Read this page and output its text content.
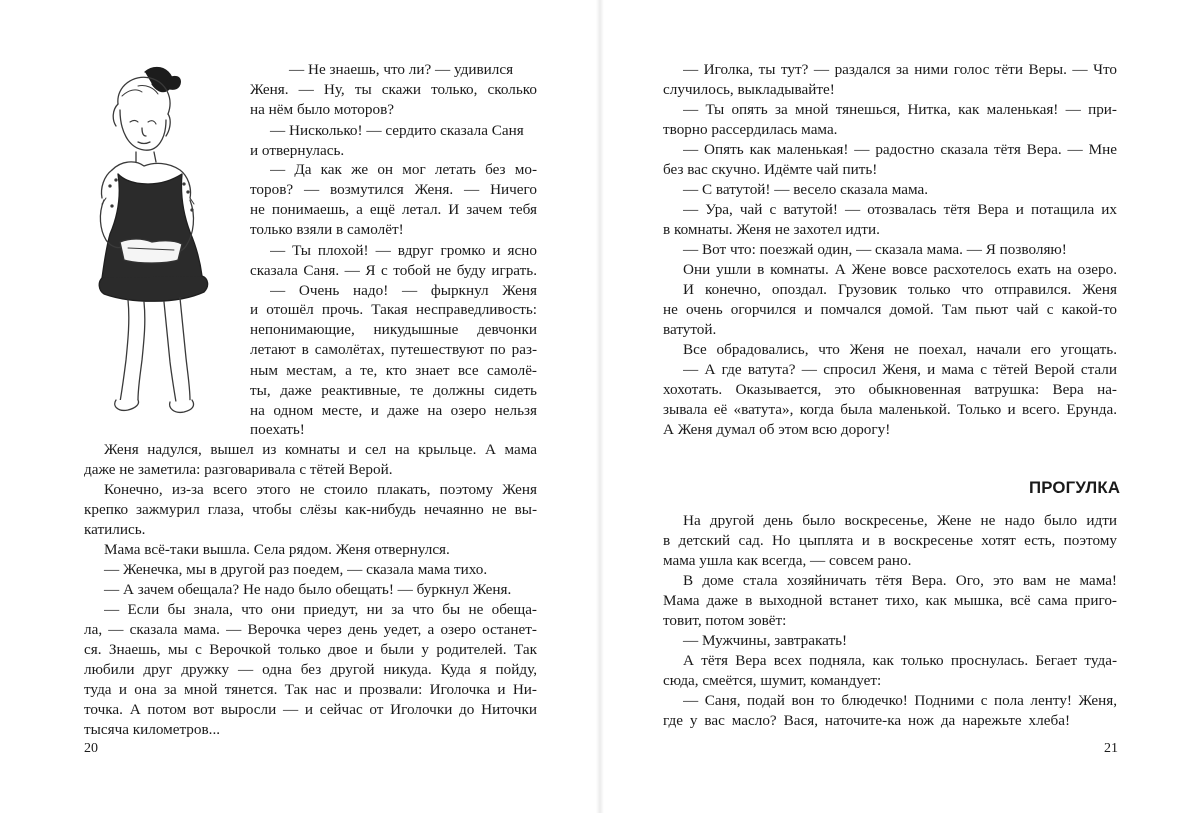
— Не знаешь, что ли? — удивился
Женя. — Ну, ты скажи только, сколько
на нём было моторов?
— Нисколько! — сердито сказала Саня
и отвернулась.
— Да как же он мог летать без мо-
торов? — возмутился Женя. — Ничего
не понимаешь, а ещё летал. И зачем тебя
только взяли в самолёт!
— Ты плохой! — вдруг громко и ясно
сказала Саня. — Я с тобой не буду играть.
— Очень надо! — фыркнул Женя
и отошёл прочь. Такая несправедливость:
непонимающие, никудышные девчонки
летают в самолётах, путешествуют по раз-
ным местам, а те, кто знает все самолё-
ты, даже реактивные, те должны сидеть
на одном месте, и даже на озеро нельзя
поехать!
Женя надулся, вышел из комнаты и сел на крыльце. А мама
даже не заметила: разговаривала с тётей Верой.
Конечно, из-за всего этого не стоило плакать, поэтому Женя
крепко зажмурил глаза, чтобы слёзы как-нибудь нечаянно не вы-
катились.
Мама всё-таки вышла. Села рядом. Женя отвернулся.
— Женечка, мы в другой раз поедем, — сказала мама тихо.
— А зачем обещала? Не надо было обещать! — буркнул Женя.
— Если бы знала, что они приедут, ни за что бы не обеща-
ла, — сказала мама. — Верочка через день уедет, а озеро останет-
ся. Знаешь, мы с Верочкой только двое и были у родителей. Так
любили друг дружку — одна без другой никуда. Куда я пойду,
туда и она за мной тянется. Так нас и прозвали: Иголочка и Ни-
точка. А потом вот выросли — и сейчас от Иголочки до Ниточки
тысяча километров...
20
— Иголка, ты тут? — раздался за ними голос тёти Веры. — Что
случилось, выкладывайте!
— Ты опять за мной тянешься, Нитка, как маленькая! — при-
творно рассердилась мама.
— Опять как маленькая! — радостно сказала тётя Вера. — Мне
без вас скучно. Идёмте чай пить!
— С ватутой! — весело сказала мама.
— Ура, чай с ватутой! — отозвалась тётя Вера и потащила их
в комнаты. Женя не захотел идти.
— Вот что: поезжай один, — сказала мама. — Я позволяю!
Они ушли в комнаты. А Жене вовсе расхотелось ехать на озеро.
И конечно, опоздал. Грузовик только что отправился. Женя
не очень огорчился и помчался домой. Там пьют чай с какой-то
ватутой.
Все обрадовались, что Женя не поехал, начали его угощать.
— А где ватута? — спросил Женя, и мама с тётей Верой стали
хохотать. Оказывается, это обыкновенная ватрушка: Вера на-
зывала её «ватута», когда была маленькой. Только и всего. Ерунда.
А Женя думал об этом всю дорогу!
ПРОГУЛКА
На другой день было воскресенье, Жене не надо было идти
в детский сад. Но цыплята и в воскресенье хотят есть, поэтому
мама ушла как всегда, — совсем рано.
В доме стала хозяйничать тётя Вера. Ого, это вам не мама!
Мама даже в выходной встанет тихо, как мышка, всё сама приго-
товит, потом зовёт:
— Мужчины, завтракать!
А тётя Вера всех подняла, как только проснулась. Бегает туда-
сюда, смеётся, шумит, командует:
— Саня, подай вон то блюдечко! Подними с пола ленту! Женя,
где у вас масло? Вася, наточите-ка нож да нарежьте хлеба!
21
